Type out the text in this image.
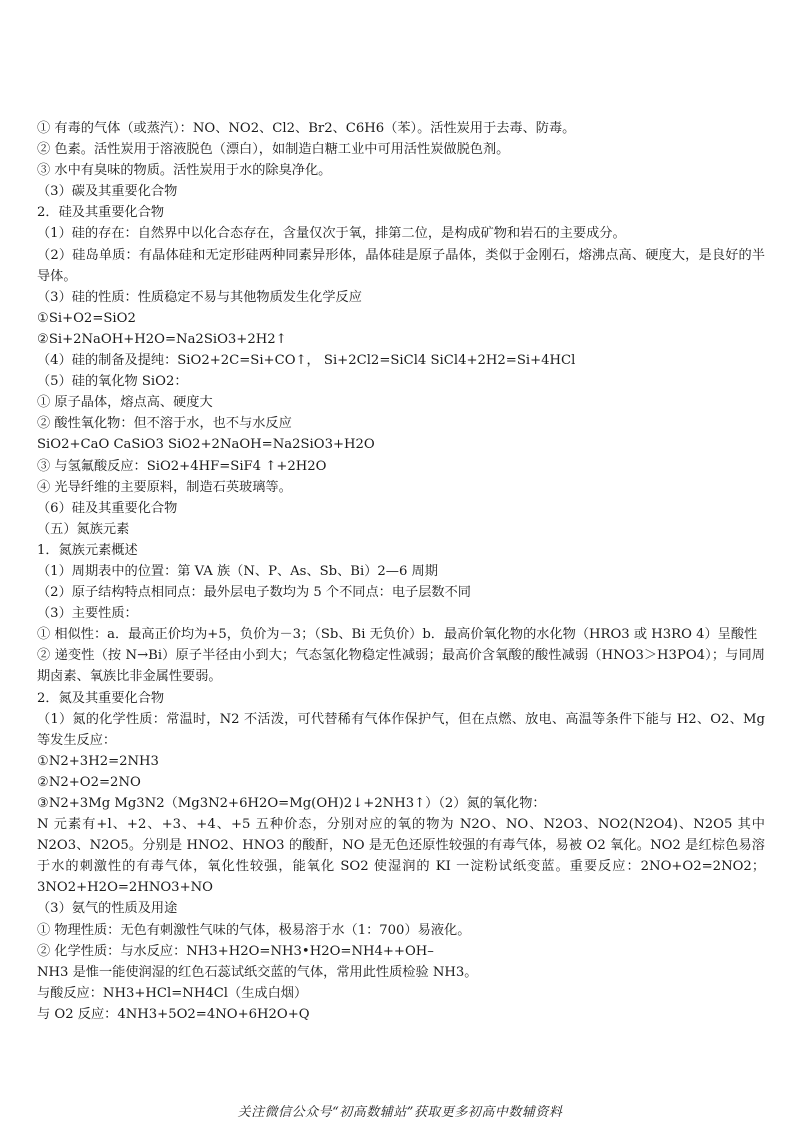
① 有毒的气体（或蒸汽）：NO、NO2、Cl2、Br2、C6H6（苯）。活性炭用于去毒、防毒。
② 色素。活性炭用于溶液脱色（漂白），如制造白糖工业中可用活性炭做脱色剂。
③ 水中有臭味的物质。活性炭用于水的除臭净化。
（3）碳及其重要化合物
2．硅及其重要化合物
（1）硅的存在：自然界中以化合态存在，含量仅次于氧，排第二位，是构成矿物和岩石的主要成分。
（2）硅岛单质：有晶体硅和无定形硅两种同素异形体，晶体硅是原子晶体，类似于金刚石，熔沸点高、硬度大，是良好的半导体。
（3）硅的性质：性质稳定不易与其他物质发生化学反应
①Si+O2=SiO2
②Si+2NaOH+H2O=Na2SiO3+2H2↑
（4）硅的制备及提纯：SiO2+2C=Si+CO↑， Si+2Cl2=SiCl4 SiCl4+2H2=Si+4HCl
（5）硅的氧化物 SiO2：
① 原子晶体，熔点高、硬度大
② 酸性氧化物：但不溶于水，也不与水反应
SiO2+CaO CaSiO3 SiO2+2NaOH=Na2SiO3+H2O
③ 与氢氟酸反应：SiO2+4HF=SiF4 ↑+2H2O
④ 光导纤维的主要原料，制造石英玻璃等。
（6）硅及其重要化合物
（五）氮族元素
1．氮族元素概述
（1）周期表中的位置：第 VA 族（N、P、As、Sb、Bi）2—6 周期
（2）原子结构特点相同点：最外层电子数均为 5 个不同点：电子层数不同
（3）主要性质：
① 相似性：a．最高正价均为+5，负价为－3；（Sb、Bi 无负价）b．最高价氧化物的水化物（HRO3 或 H3RO 4）呈酸性
② 递变性（按 N→Bi）原子半径由小到大；气态氢化物稳定性减弱；最高价含氧酸的酸性减弱（HNO3＞H3PO4）；与同周期卤素、氧族比非金属性要弱。
2．氮及其重要化合物
（1）氮的化学性质：常温时，N2 不活泼，可代替稀有气体作保护气，但在点燃、放电、高温等条件下能与 H2、O2、Mg 等发生反应：
①N2+3H2=2NH3
②N2+O2=2NO
③N2+3Mg Mg3N2（Mg3N2+6H2O=Mg(OH)2↓+2NH3↑）（2）氮的氧化物：
N 元素有+l、+2、+3、+4、+5 五种价态，分别对应的氧的物为 N2O、NO、N2O3、NO2(N2O4)、N2O5 其中 N2O3、N2O5。分别是 HNO2、HNO3 的酸酐，NO 是无色还原性较强的有毒气体，易被 O2 氧化。NO2 是红棕色易溶于水的刺激性的有毒气体，氧化性较强，能氧化 SO2 使湿润的 KI 一淀粉试纸变蓝。重要反应：2NO+O2=2NO2；3NO2+H2O=2HNO3+NO
（3）氨气的性质及用途
① 物理性质：无色有刺激性气味的气体，极易溶于水（1：700）易液化。
② 化学性质：与水反应：NH3+H2O=NH3•H2O=NH4++OH–
NH3 是惟一能使润湿的红色石蕊试纸交蓝的气体，常用此性质检验 NH3。
与酸反应：NH3+HCl=NH4Cl（生成白烟）
与 O2 反应：4NH3+5O2=4NO+6H2O+Q
关注微信公众号“初高数辅站”获取更多初高中数辅资料
